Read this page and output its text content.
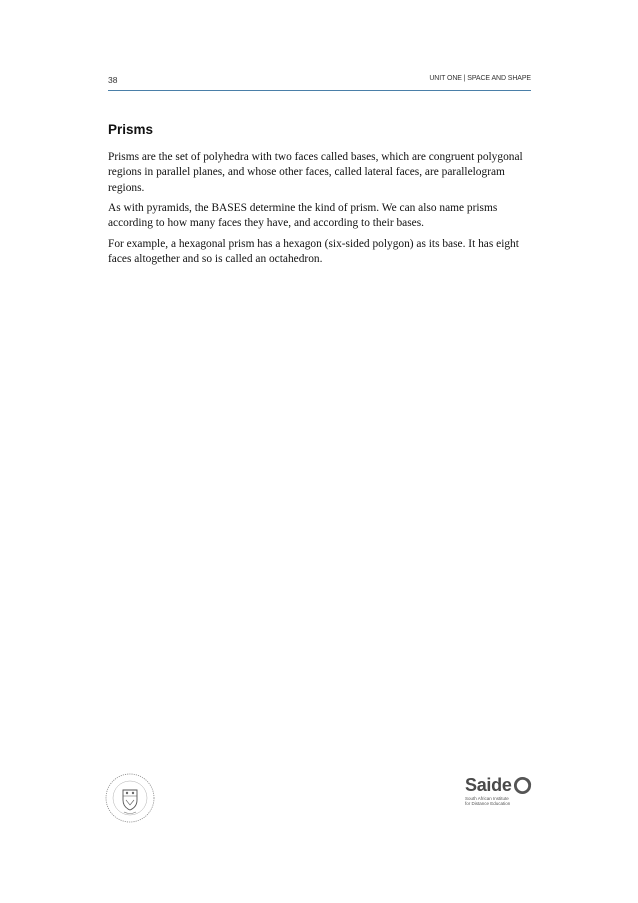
38	UNIT ONE | SPACE AND SHAPE
Prisms

Prisms are the set of polyhedra with two faces called bases, which are congruent polygonal regions in parallel planes, and whose other faces, called lateral faces, are parallelogram regions.

As with pyramids, the BASES determine the kind of prism. We can also name prisms according to how many faces they have, and according to their bases.

For example, a hexagonal prism has a hexagon (six-sided polygon) as its base. It has eight faces altogether and so is called an octahedron.

Saide
South African Institute
for Distance Education
